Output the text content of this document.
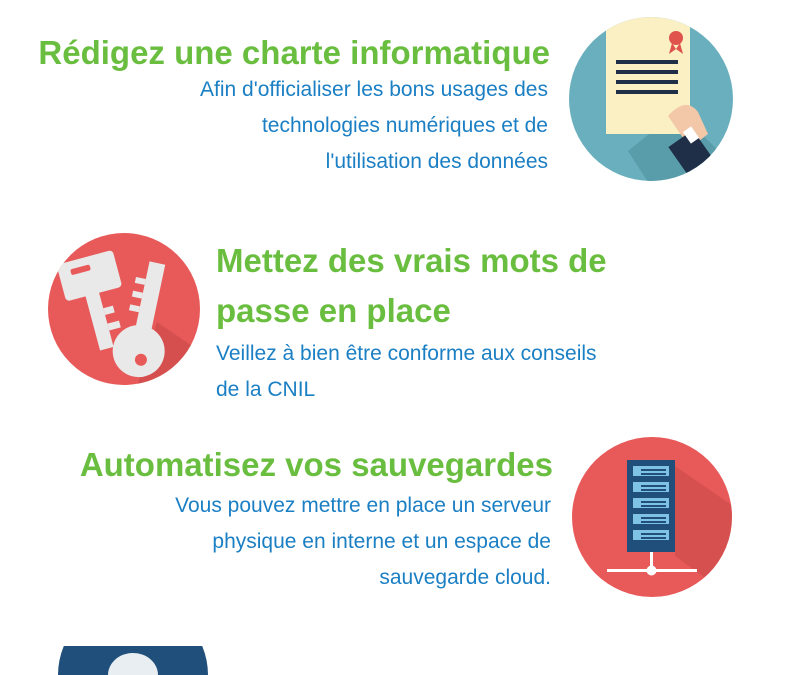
Rédigez une charte informatique
Afin d'officialiser les bons usages des
technologies numériques et de
l'utilisation des données
Mettez des vrais mots de
passe en place
Veillez à bien être conforme aux conseils
de la CNIL
Automatisez vos sauvegardes
Vous pouvez mettre en place un serveur
physique en interne et un espace de
sauvegarde cloud.
